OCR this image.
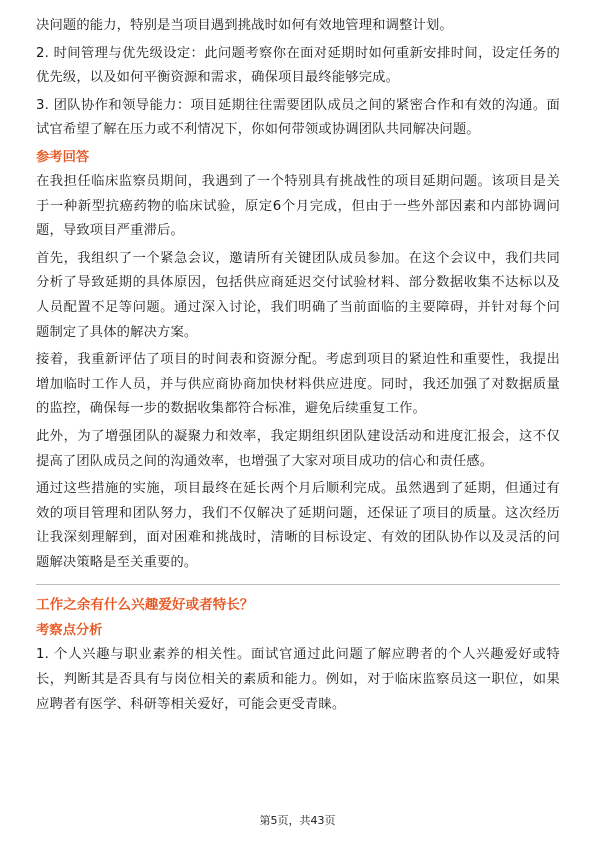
决问题的能力，特别是当项目遇到挑战时如何有效地管理和调整计划。

2. 时间管理与优先级设定：此问题考察你在面对延期时如何重新安排时间，设定任务的优先级，以及如何平衡资源和需求，确保项目最终能够完成。

3. 团队协作和领导能力：项目延期往往需要团队成员之间的紧密合作和有效的沟通。面试官希望了解在压力或不利情况下，你如何带领或协调团队共同解决问题。

参考回答

在我担任临床监察员期间，我遇到了一个特别具有挑战性的项目延期问题。该项目是关于一种新型抗癌药物的临床试验，原定6个月完成，但由于一些外部因素和内部协调问题，导致项目严重滞后。

首先，我组织了一个紧急会议，邀请所有关键团队成员参加。在这个会议中，我们共同分析了导致延期的具体原因，包括供应商延迟交付试验材料、部分数据收集不达标以及人员配置不足等问题。通过深入讨论，我们明确了当前面临的主要障碍，并针对每个问题制定了具体的解决方案。

接着，我重新评估了项目的时间表和资源分配。考虑到项目的紧迫性和重要性，我提出增加临时工作人员，并与供应商协商加快材料供应进度。同时，我还加强了对数据质量的监控，确保每一步的数据收集都符合标准，避免后续重复工作。

此外，为了增强团队的凝聚力和效率，我定期组织团队建设活动和进度汇报会，这不仅提高了团队成员之间的沟通效率，也增强了大家对项目成功的信心和责任感。

通过这些措施的实施，项目最终在延长两个月后顺利完成。虽然遇到了延期，但通过有效的项目管理和团队努力，我们不仅解决了延期问题，还保证了项目的质量。这次经历让我深刻理解到，面对困难和挑战时，清晰的目标设定、有效的团队协作以及灵活的问题解决策略是至关重要的。

工作之余有什么兴趣爱好或者特长？
考察点分析

1. 个人兴趣与职业素养的相关性。面试官通过此问题了解应聘者的个人兴趣爱好或特长，判断其是否具有与岗位相关的素质和能力。例如，对于临床监察员这一职位，如果应聘者有医学、科研等相关爱好，可能会更受青睐。

第5页，共43页
